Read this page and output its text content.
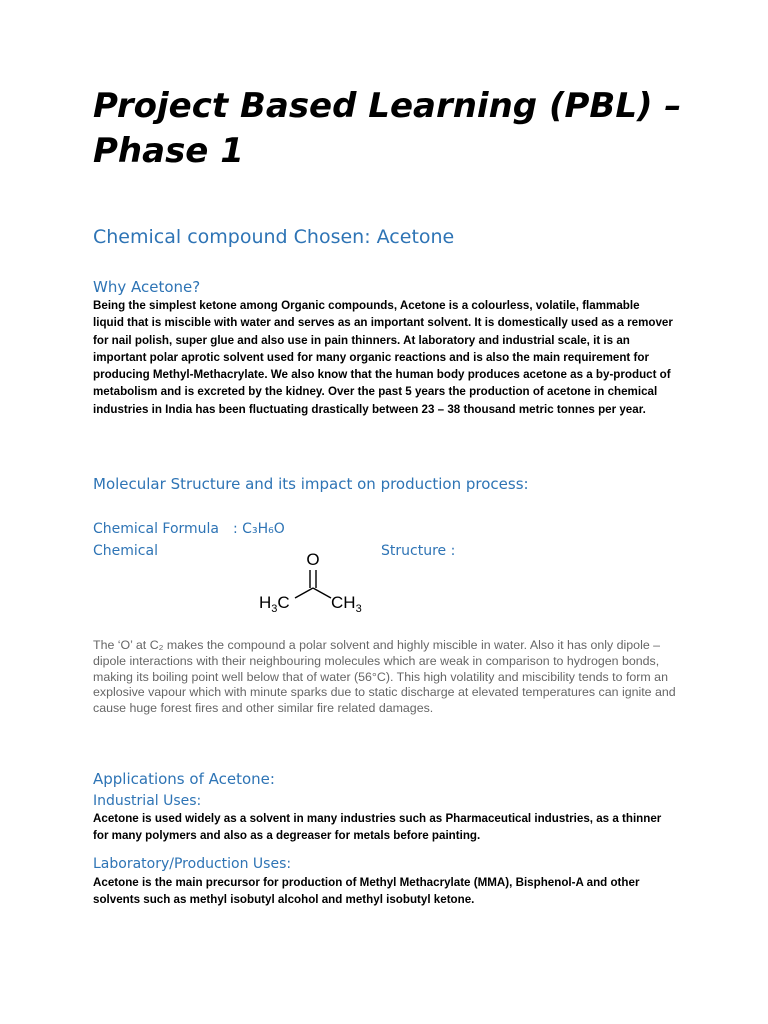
Project Based Learning (PBL) – Phase 1
Chemical compound Chosen: Acetone
Why Acetone?

Being the simplest ketone among Organic compounds, Acetone is a colourless, volatile, flammable liquid that is miscible with water and serves as an important solvent. It is domestically used as a remover for nail polish, super glue and also use in pain thinners. At laboratory and industrial scale, it is an important polar aprotic solvent used for many organic reactions and is also the main requirement for producing Methyl-Methacrylate. We also know that the human body produces acetone as a by-product of metabolism and is excreted by the kidney. Over the past 5 years the production of acetone in chemical industries in India has been fluctuating drastically between 23 – 38 thousand metric tonnes per year.

Molecular Structure and its impact on production process:
Chemical Formula : C₃H₆O
Chemical	Structure :
O
$H_3C$ $CH_3$

The ‘O’ at C₂ makes the compound a polar solvent and highly miscible in water. Also it has only dipole – dipole interactions with their neighbouring molecules which are weak in comparison to hydrogen bonds, making its boiling point well below that of water (56°C). This high volatility and miscibility tends to form an explosive vapour which with minute sparks due to static discharge at elevated temperatures can ignite and cause huge forest fires and other similar fire related damages.

Applications of Acetone:
Industrial Uses:

Acetone is used widely as a solvent in many industries such as Pharmaceutical industries, as a thinner for many polymers and also as a degreaser for metals before painting.

Laboratory/Production Uses:

Acetone is the main precursor for production of Methyl Methacrylate (MMA), Bisphenol-A and other solvents such as methyl isobutyl alcohol and methyl isobutyl ketone.
